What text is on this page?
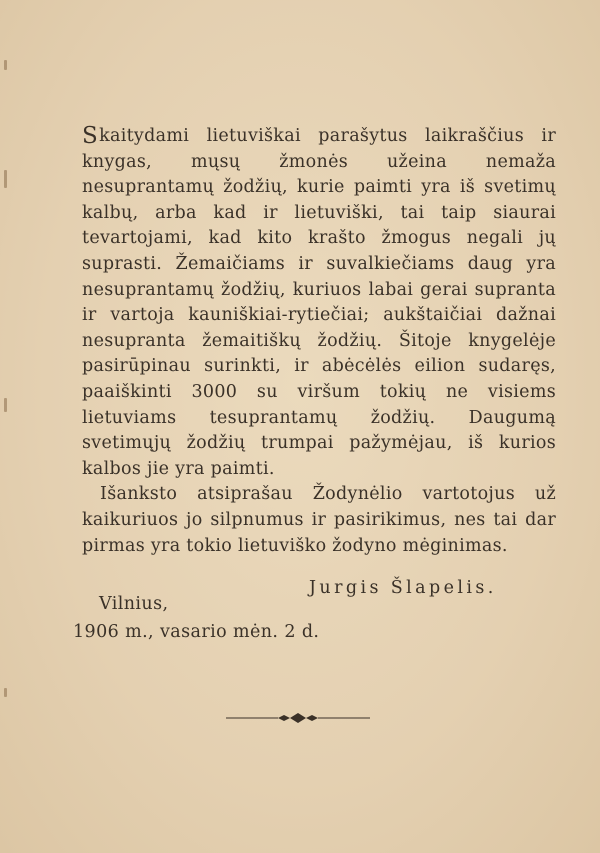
Skaitydami lietuviškai parašytus laikraščius ir knygas, mųsų žmonės užeina nemaža nesuprantamų žodžių, kurie paimti yra iš svetimų kalbų, arba kad ir lietuviški, tai taip siaurai tevartojami, kad kito krašto žmogus negali jų suprasti. Žemaičiams ir suvalkiečiams daug yra nesuprantamų žodžių, kuriuos labai gerai supranta ir vartoja kauniškiai-rytiečiai; aukštaičiai dažnai nesupranta žemaitiškų žodžių. Šitoje knygelėje pasirūpinau surinkti, ir abėcėlės eilion sudaręs, paaiškinti 3000 su viršum tokių ne visiems lietuviams tesuprantamų žodžių. Daugumą svetimųjų žodžių trumpai pažymėjau, iš kurios kalbos jie yra paimti.

Išanksto atsiprašau Žodynėlio vartotojus už kaikuriuos jo silpnumus ir pasirikimus, nes tai dar pirmas yra tokio lietuviško žodyno mėginimas.

Jurgis Šlapelis.
Vilnius,
1906 m., vasario mėn. 2 d.
